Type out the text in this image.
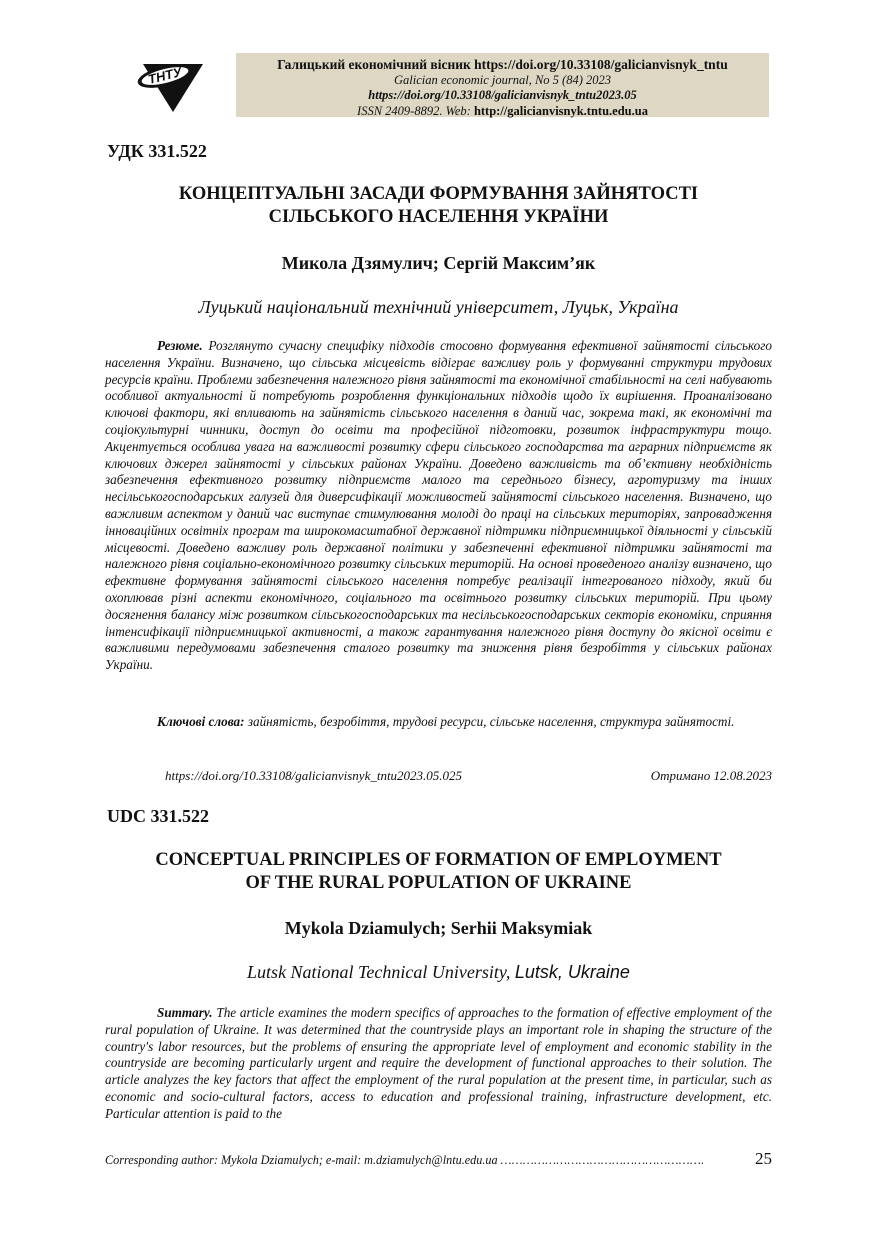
ТНТУ	Галицький економічний вісник https://doi.org/10.33108/galicianvisnyk_tntu
Galician economic journal, No 5 (84) 2023
https://doi.org/10.33108/galicianvisnyk_tntu2023.05
ISSN 2409-8892. Web: http://galicianvisnyk.tntu.edu.ua
УДК 331.522
КОНЦЕПТУАЛЬНІ ЗАСАДИ ФОРМУВАННЯ ЗАЙНЯТОСТІ
СІЛЬСЬКОГО НАСЕЛЕННЯ УКРАЇНИ
Микола Дзямулич; Сергій Максим’як
Луцький національний технічний університет, Луцьк, Україна

Резюме. Розглянуто сучасну специфіку підходів стосовно формування ефективної зайнятості сільського населення України. Визначено, що сільська місцевість відіграє важливу роль у формуванні структури трудових ресурсів країни. Проблеми забезпечення належного рівня зайнятості та економічної стабільності на селі набувають особливої актуальності й потребують розроблення функціональних підходів щодо їх вирішення. Проаналізовано ключові фактори, які впливають на зайнятість сільського населення в даний час, зокрема такі, як економічні та соціокультурні чинники, доступ до освіти та професійної підготовки, розвиток інфраструктури тощо. Акцентується особлива увага на важливості розвитку сфери сільського господарства та аграрних підприємств як ключових джерел зайнятості у сільських районах України. Доведено важливість та об’єктивну необхідність забезпечення ефективного розвитку підприємств малого та середнього бізнесу, агротуризму та інших несільськогосподарських галузей для диверсифікації можливостей зайнятості сільського населення. Визначено, що важливим аспектом у даний час виступає стимулювання молоді до праці на сільських територіях, запровадження інноваційних освітніх програм та широкомасштабної державної підтримки підприємницької діяльності у сільській місцевості. Доведено важливу роль державної політики у забезпеченні ефективної підтримки зайнятості та належного рівня соціально-економічного розвитку сільських територій. На основі проведеного аналізу визначено, що ефективне формування зайнятості сільського населення потребує реалізації інтегрованого підходу, який би охоплював різні аспекти економічного, соціального та освітнього розвитку сільських територій. При цьому досягнення балансу між розвитком сільськогосподарських та несільськогосподарських секторів економіки, сприяння інтенсифікації підприємницької активності, а також гарантування належного рівня доступу до якісної освіти є важливими передумовами забезпечення сталого розвитку та зниження рівня безробіття у сільських районах України.

Ключові слова: зайнятість, безробіття, трудові ресурси, сільське населення, структура зайнятості.

https://doi.org/10.33108/galicianvisnyk_tntu2023.05.025	Отримано 12.08.2023
UDC 331.522
CONCEPTUAL PRINCIPLES OF FORMATION OF EMPLOYMENT
OF THE RURAL POPULATION OF UKRAINE
Mykola Dziamulych; Serhii Maksymiak
Lutsk National Technical University, Lutsk, Ukraine

Summary. The article examines the modern specifics of approaches to the formation of effective employment of the rural population of Ukraine. It was determined that the countryside plays an important role in shaping the structure of the country's labor resources, but the problems of ensuring the appropriate level of employment and economic stability in the countryside are becoming particularly urgent and require the development of functional approaches to their solution. The article analyzes the key factors that affect the employment of the rural population at the present time, in particular, such as economic and socio-cultural factors, access to education and professional training, infrastructure development, etc. Particular attention is paid to the

Corresponding author: Mykola Dziamulych; e-mail: m.dziamulych@lntu.edu.ua ……………………………………………….	25
